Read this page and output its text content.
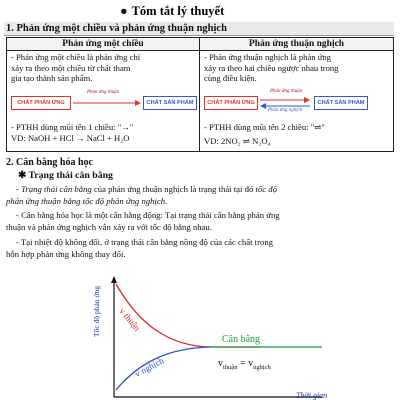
● Tóm tắt lý thuyết
1. Phản ứng một chiều và phản ứng thuận nghịch
Phản ứng một chiều
- Phản ứng một chiều là phản ứng chỉ
xảy ra theo một chiều từ chất tham
gia tạo thành sản phẩm.
CHẤT PHẢN ỨNG
Phản ứng thuận
CHẤT SẢN PHẨM
- PTHH dùng mũi tên 1 chiều: "→"
VD: NaOH + HCl → NaCl + H₂O
Phản ứng thuận nghịch
- Phản ứng thuận nghịch là phản ứng
xảy ra theo hai chiều ngược nhau trong
cùng điều kiện.
CHẤT PHẢN ỨNG
Phản ứng thuận
Phản ứng nghịch
CHẤT SẢN PHẨM
- PTHH dùng mũi tên 2 chiều: "⇌"
VD: 2NO₂ ⇌ N₂O₄
2. Cân bằng hóa học
✱ Trạng thái cân bằng
- Trạng thái cân bằng của phản ứng thuận nghịch là trạng thái tại đó tốc độ
phản ứng thuận bằng tốc độ phản ứng nghịch.
- Cân bằng hóa học là một cân bằng động: Tại trạng thái cân bằng phản ứng
thuận và phản ứng nghịch vẫn xảy ra với tốc độ bằng nhau.
- Tại nhiệt độ không đổi, ở trạng thái cân bằng nồng độ của các chất trong
hỗn hợp phản ứng không thay đổi.
Tốc độ phản ứng v thuận
v nghịch
Cân bằng
$v_{thuận} = v_{nghịch}$
Thời gian
